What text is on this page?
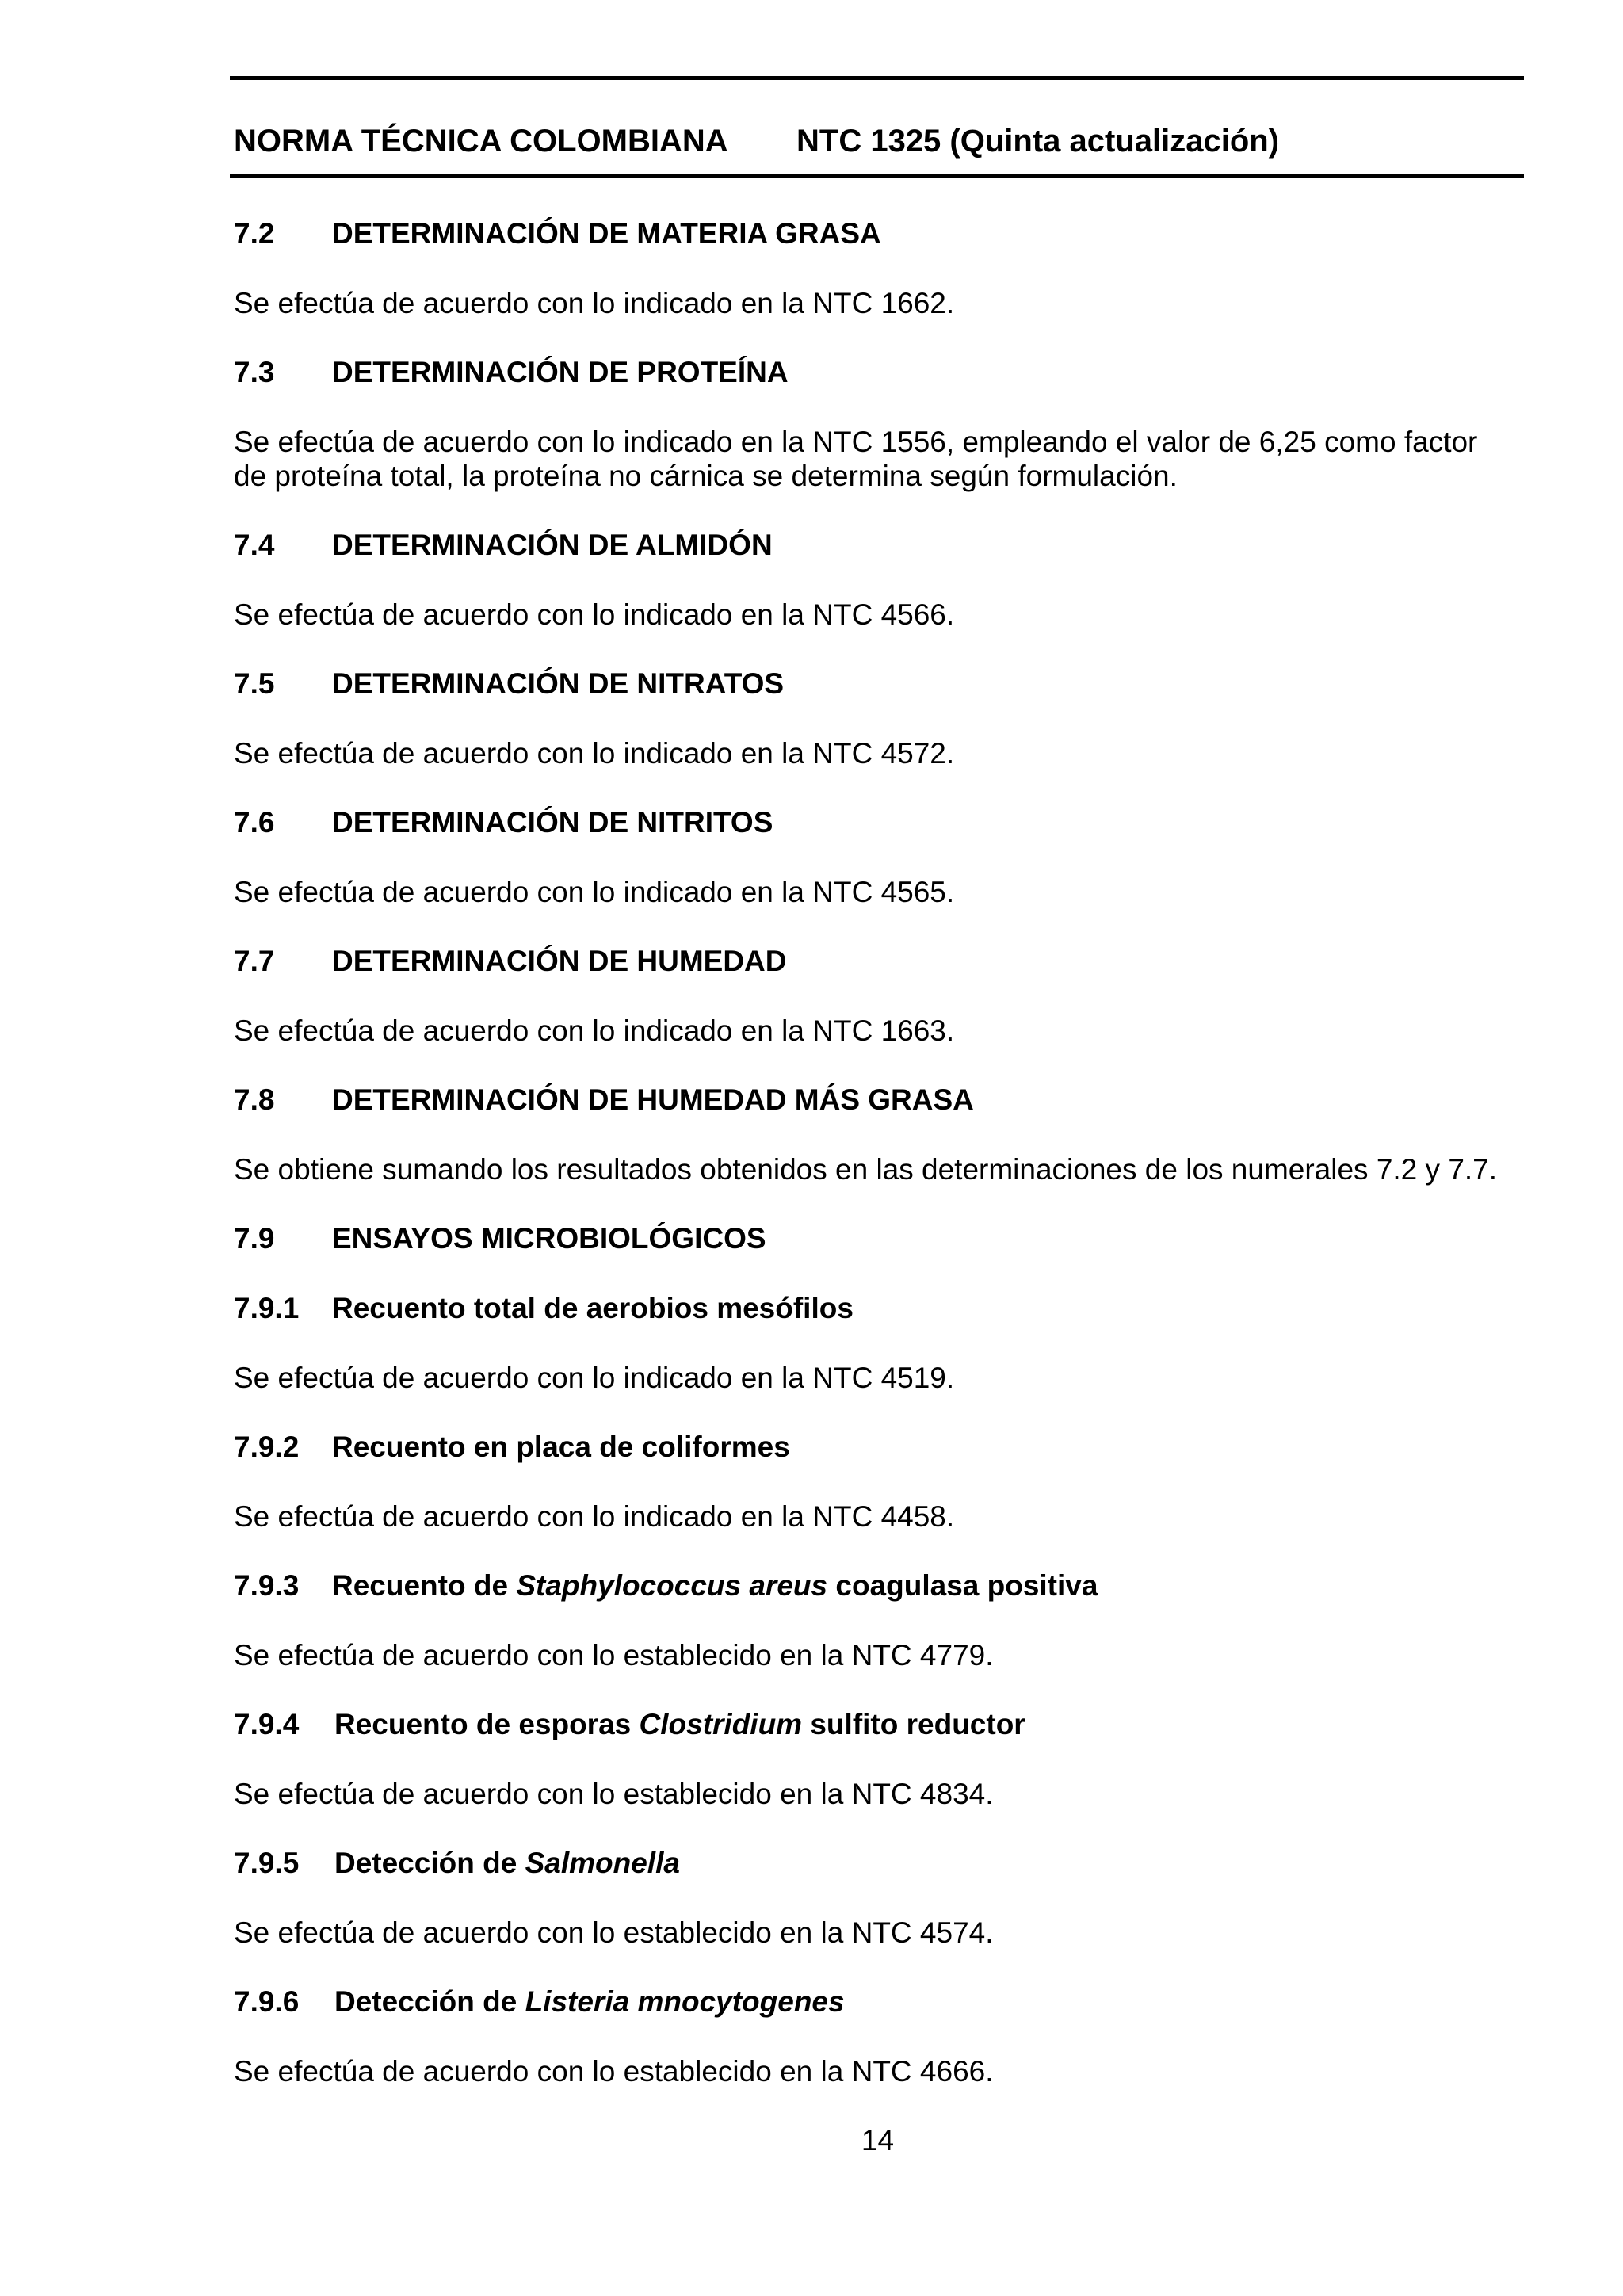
NORMA TÉCNICA COLOMBIANA NTC 1325 (Quinta actualización)
7.2 DETERMINACIÓN DE MATERIA GRASA
Se efectúa de acuerdo con lo indicado en la NTC 1662.
7.3 DETERMINACIÓN DE PROTEÍNA
Se efectúa de acuerdo con lo indicado en la NTC 1556, empleando el valor de 6,25 como factor
de proteína total, la proteína no cárnica se determina según formulación.
7.4 DETERMINACIÓN DE ALMIDÓN
Se efectúa de acuerdo con lo indicado en la NTC 4566.
7.5 DETERMINACIÓN DE NITRATOS
Se efectúa de acuerdo con lo indicado en la NTC 4572.
7.6 DETERMINACIÓN DE NITRITOS
Se efectúa de acuerdo con lo indicado en la NTC 4565.
7.7 DETERMINACIÓN DE HUMEDAD
Se efectúa de acuerdo con lo indicado en la NTC 1663.
7.8 DETERMINACIÓN DE HUMEDAD MÁS GRASA
Se obtiene sumando los resultados obtenidos en las determinaciones de los numerales 7.2 y 7.7.
7.9 ENSAYOS MICROBIOLÓGICOS
7.9.1 Recuento total de aerobios mesófilos
Se efectúa de acuerdo con lo indicado en la NTC 4519.
7.9.2 Recuento en placa de coliformes
Se efectúa de acuerdo con lo indicado en la NTC 4458.
7.9.3 Recuento de Staphylococcus areus coagulasa positiva
Se efectúa de acuerdo con lo establecido en la NTC 4779.
7.9.4 Recuento de esporas Clostridium sulfito reductor
Se efectúa de acuerdo con lo establecido en la NTC 4834.
7.9.5 Detección de Salmonella
Se efectúa de acuerdo con lo establecido en la NTC 4574.
7.9.6 Detección de Listeria mnocytogenes
Se efectúa de acuerdo con lo establecido en la NTC 4666.
14
